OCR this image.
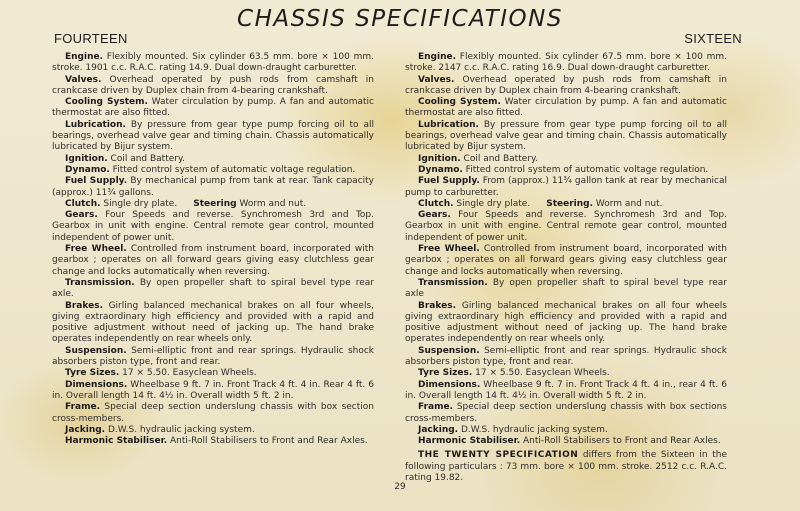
CHASSIS SPECIFICATIONS
FOURTEEN	SIXTEEN

Engine. Flexibly mounted. Six cylinder 63.5 mm. bore × 100 mm. stroke. 1901 c.c. R.A.C. rating 14.9. Dual down-draught carburetter.

Valves. Overhead operated by push rods from camshaft in crankcase driven by Duplex chain from 4-bearing crankshaft.

Cooling System. Water circulation by pump. A fan and automatic thermostat are also fitted.

Lubrication. By pressure from gear type pump forcing oil to all bearings, overhead valve gear and timing chain. Chassis automatically lubricated by Bijur system.

Ignition. Coil and Battery.

Dynamo. Fitted control system of automatic voltage regulation.

Fuel Supply. By mechanical pump from tank at rear. Tank capacity (approx.) 11¾ gallons.

Clutch. Single dry plate. Steering Worm and nut.

Gears. Four Speeds and reverse. Synchromesh 3rd and Top. Gearbox in unit with engine. Central remote gear control, mounted independent of power unit.

Free Wheel. Controlled from instrument board, incorporated with gearbox ; operates on all forward gears giving easy clutchless gear change and locks automatically when reversing.

Transmission. By open propeller shaft to spiral bevel type rear axle.

Brakes. Girling balanced mechanical brakes on all four wheels, giving extraordinary high efficiency and provided with a rapid and positive adjustment without need of jacking up. The hand brake operates independently on rear wheels only.

Suspension. Semi-elliptic front and rear springs. Hydraulic shock absorbers piston type, front and rear.

Tyre Sizes. 17 × 5.50. Easyclean Wheels.

Dimensions. Wheelbase 9 ft. 7 in. Front Track 4 ft. 4 in. Rear 4 ft. 6 in. Overall length 14 ft. 4½ in. Overall width 5 ft. 2 in.

Frame. Special deep section underslung chassis with box section cross-members.

Jacking. D.W.S. hydraulic jacking system.

Harmonic Stabiliser. Anti-Roll Stabilisers to Front and Rear Axles.

Engine. Flexibly mounted. Six cylinder 67.5 mm. bore × 100 mm. stroke. 2147 c.c. R.A.C. rating 16.9. Dual down-draught carburetter.

Valves. Overhead operated by push rods from camshaft in crankcase driven by Duplex chain from 4-bearing crankshaft.

Cooling System. Water circulation by pump. A fan and automatic thermostat are also fitted.

Lubrication. By pressure from gear type pump forcing oil to all bearings, overhead valve gear and timing chain. Chassis automatically lubricated by Bijur system.

Ignition. Coil and Battery.

Dynamo. Fitted control system of automatic voltage regulation.

Fuel Supply. From (approx.) 11¾ gallon tank at rear by mechanical pump to carburetter.

Clutch. Single dry plate. Steering. Worm and nut.

Gears. Four Speeds and reverse. Synchromesh 3rd and Top. Gearbox in unit with engine. Central remote gear control, mounted independent of power unit.

Free Wheel. Controlled from instrument board, incorporated with gearbox ; operates on all forward gears giving easy clutchless gear change and locks automatically when reversing.

Transmission. By open propeller shaft to spiral bevel type rear axle

Brakes. Girling balanced mechanical brakes on all four wheels giving extraordinary high efficiency and provided with a rapid and positive adjustment without need of jacking up. The hand brake operates independently on rear wheels only.

Suspension. Semi-elliptic front and rear springs. Hydraulic shock absorbers piston type, front and rear.

Tyre Sizes. 17 × 5.50. Easyclean Wheels.

Dimensions. Wheelbase 9 ft. 7 in. Front Track 4 ft. 4 in., rear 4 ft. 6 in. Overall length 14 ft. 4½ in. Overall width 5 ft. 2 in.

Frame. Special deep section underslung chassis with box sections cross-members.

Jacking. D.W.S. hydraulic jacking system.

Harmonic Stabiliser. Anti-Roll Stabilisers to Front and Rear Axles.

THE TWENTY SPECIFICATION differs from the Sixteen in the following particulars : 73 mm. bore × 100 mm. stroke. 2512 c.c. R.A.C. rating 19.82.

29
